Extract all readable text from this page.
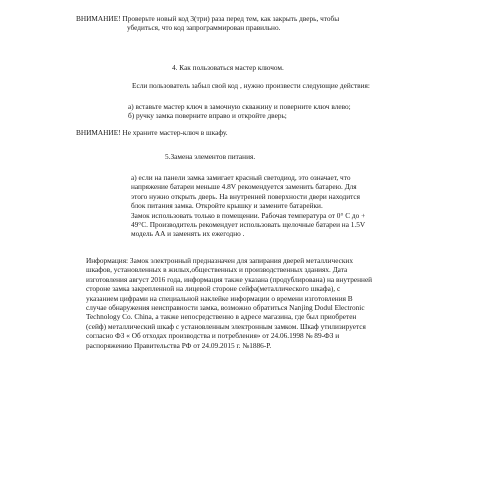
ВНИМАНИЕ! Проверьте новый код 3(три) раза перед тем, как закрыть дверь, чтобы
убедиться, что код запрограммирован правильно.

4. Как пользоваться мастер ключом.

Если пользователь забыл свой код , нужно произвести следующие действия:

а) вставьте мастер ключ в замочную скважину и поверните ключ влево;
б) ручку замка поверните вправо и откройте дверь;

ВНИМАНИЕ! Не храните мастер-ключ в шкафу.

5.Замена элементов питания.

а) если на панели замка замигает красный светодиод, это означает, что
напряжение батареи меньше 4.8V рекомендуется заменить батарею. Для
этого нужно открыть дверь. На внутренней поверхности двери находится
блок питания замка. Откройте крышку и замените батарейки.
Замок использовать только в помещении. Рабочая температура от 0° С до +
49°С. Производитель рекомендует использовать щелочные батареи на 1.5V
модель АА и заменять их ежегодно .
Информация: Замок электронный предназначен для запирания дверей металлических
шкафов, установленных в жилых,общественных и производственных зданиях. Дата
изготовления август 2016 года, информация также указана (продублирована) на внутренней
стороне замка закрепленной на лицевой стороне сейфа(металлического шкафа), с
указанием цифрами на специальной наклейке информации о времени изготовления В
случае обнаружения неисправности замка, возможно обратиться Nanjing Dodul Electronic
Technology Co. China, а также непосредственно в адресе магазина, где был приобретен
(сейф) металлический шкаф с установленным электронным замком. Шкаф утилизируется
согласно ФЗ « Об отходах производства и потребления» от 24.06.1998 № 89-ФЗ и
распоряжению Правительства РФ от 24.09.2015 г. №1886-Р.
